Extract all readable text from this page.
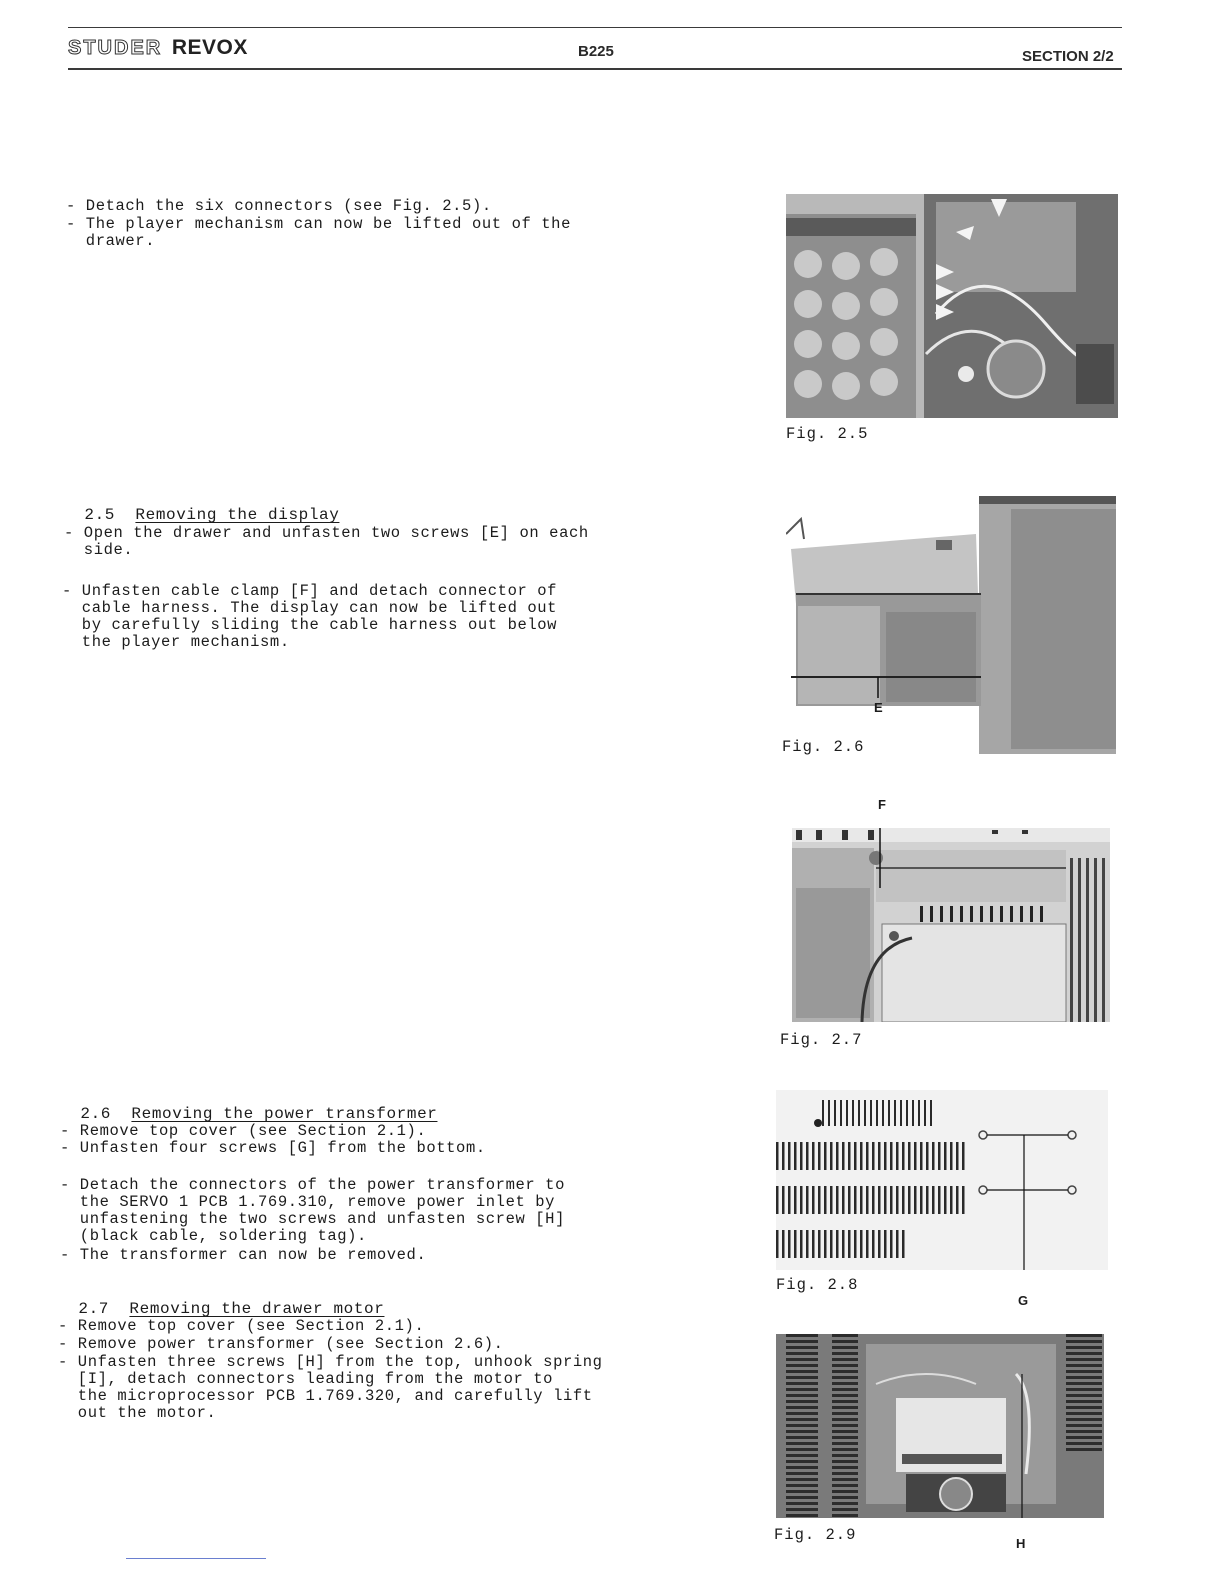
STUDER REVOX	B225	SECTION 2/2
- Detach the six connectors (see Fig. 2.5).
- The player mechanism can now be lifted out of the
drawer.

2.5 Removing the display

- Open the drawer and unfasten two screws [E] on each
side.
- Unfasten cable clamp [F] and detach connector of
cable harness. The display can now be lifted out
by carefully sliding the cable harness out below
the player mechanism.

2.6 Removing the power transformer

- Remove top cover (see Section 2.1).
- Unfasten four screws [G] from the bottom.
- Detach the connectors of the power transformer to
the SERVO 1 PCB 1.769.310, remove power inlet by
unfastening the two screws and unfasten screw [H]
(black cable, soldering tag).
- The transformer can now be removed.

2.7 Removing the drawer motor

- Remove top cover (see Section 2.1).
- Remove power transformer (see Section 2.6).
- Unfasten three screws [H] from the top, unhook spring
[I], detach connectors leading from the motor to
the microprocessor PCB 1.769.320, and carefully lift
out the motor.
Fig. 2.5
E
Fig. 2.6
F
Fig. 2.7
Fig. 2.8
G
Fig. 2.9	H
